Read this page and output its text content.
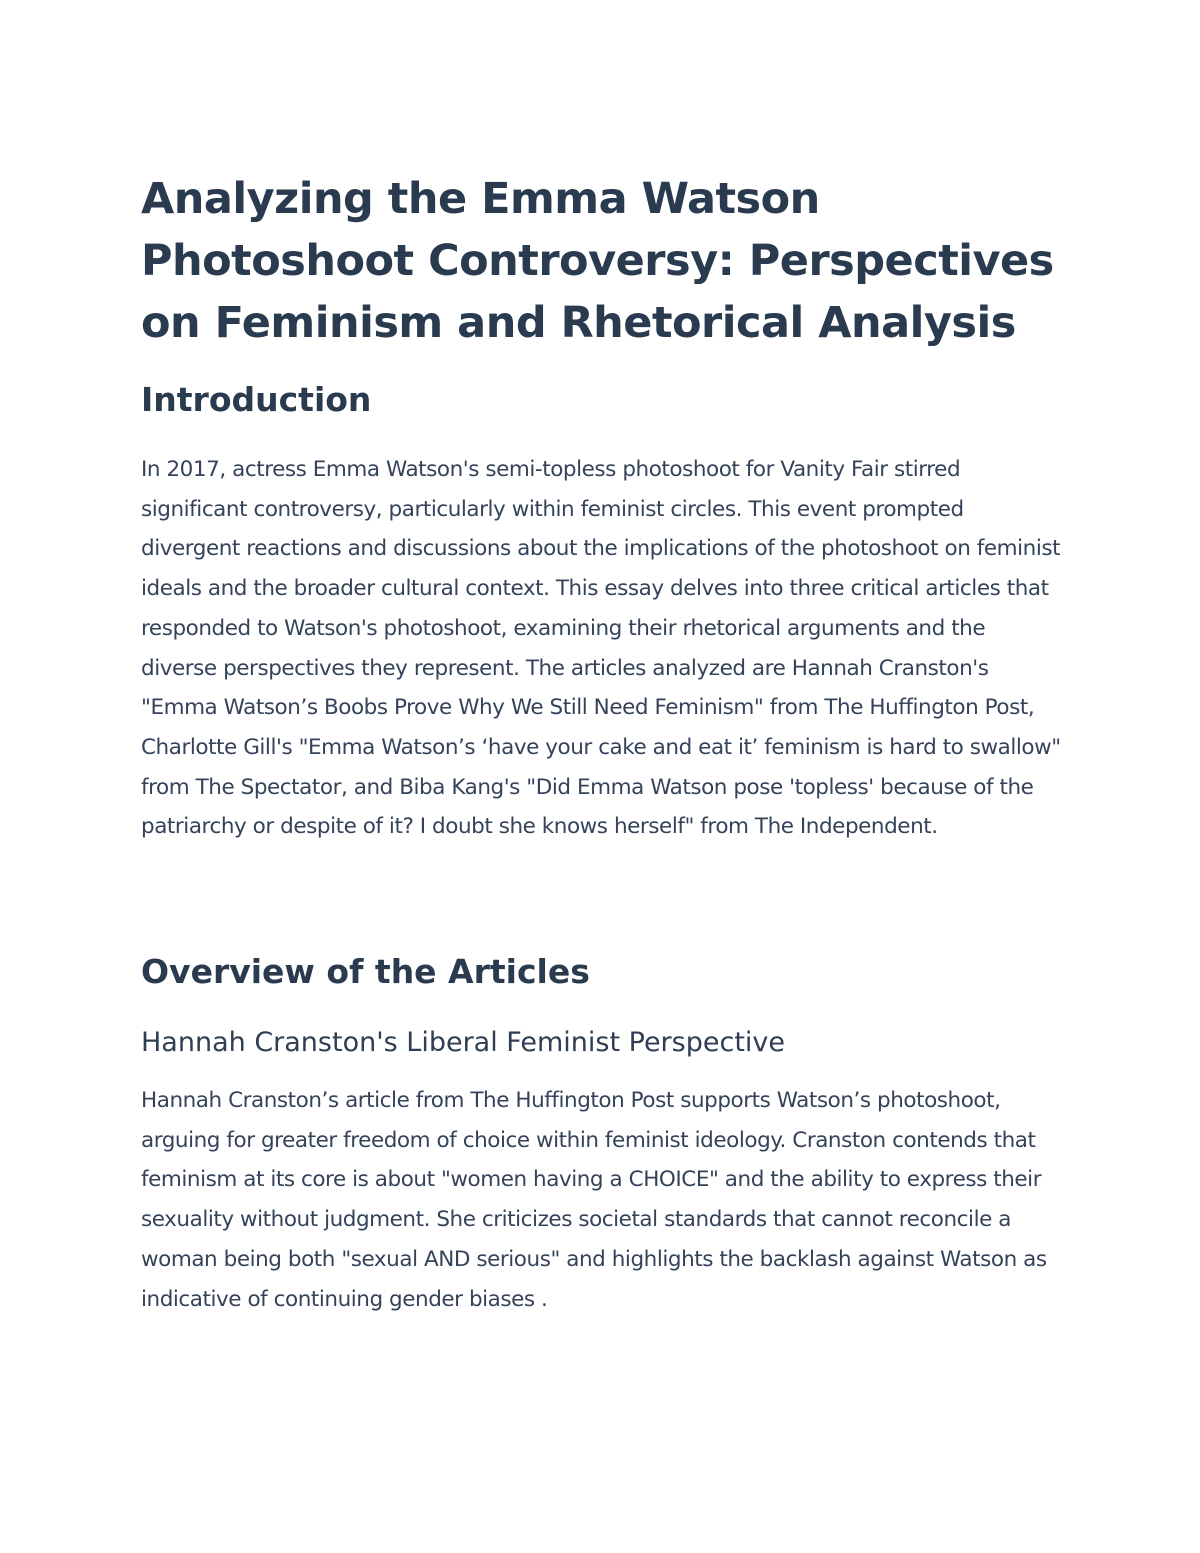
Analyzing the Emma Watson Photoshoot Controversy: Perspectives on Feminism and Rhetorical Analysis
Introduction

In 2017, actress Emma Watson's semi-topless photoshoot for Vanity Fair stirred significant controversy, particularly within feminist circles. This event prompted divergent reactions and discussions about the implications of the photoshoot on feminist ideals and the broader cultural context. This essay delves into three critical articles that responded to Watson's photoshoot, examining their rhetorical arguments and the diverse perspectives they represent. The articles analyzed are Hannah Cranston's "Emma Watson’s Boobs Prove Why We Still Need Feminism" from The Huffington Post, Charlotte Gill's "Emma Watson’s ‘have your cake and eat it’ feminism is hard to swallow" from The Spectator, and Biba Kang's "Did Emma Watson pose 'topless' because of the patriarchy or despite of it? I doubt she knows herself" from The Independent.

Overview of the Articles
Hannah Cranston's Liberal Feminist Perspective

Hannah Cranston’s article from The Huffington Post supports Watson’s photoshoot, arguing for greater freedom of choice within feminist ideology. Cranston contends that feminism at its core is about "women having a CHOICE" and the ability to express their sexuality without judgment. She criticizes societal standards that cannot reconcile a woman being both "sexual AND serious" and highlights the backlash against Watson as indicative of continuing gender biases .
